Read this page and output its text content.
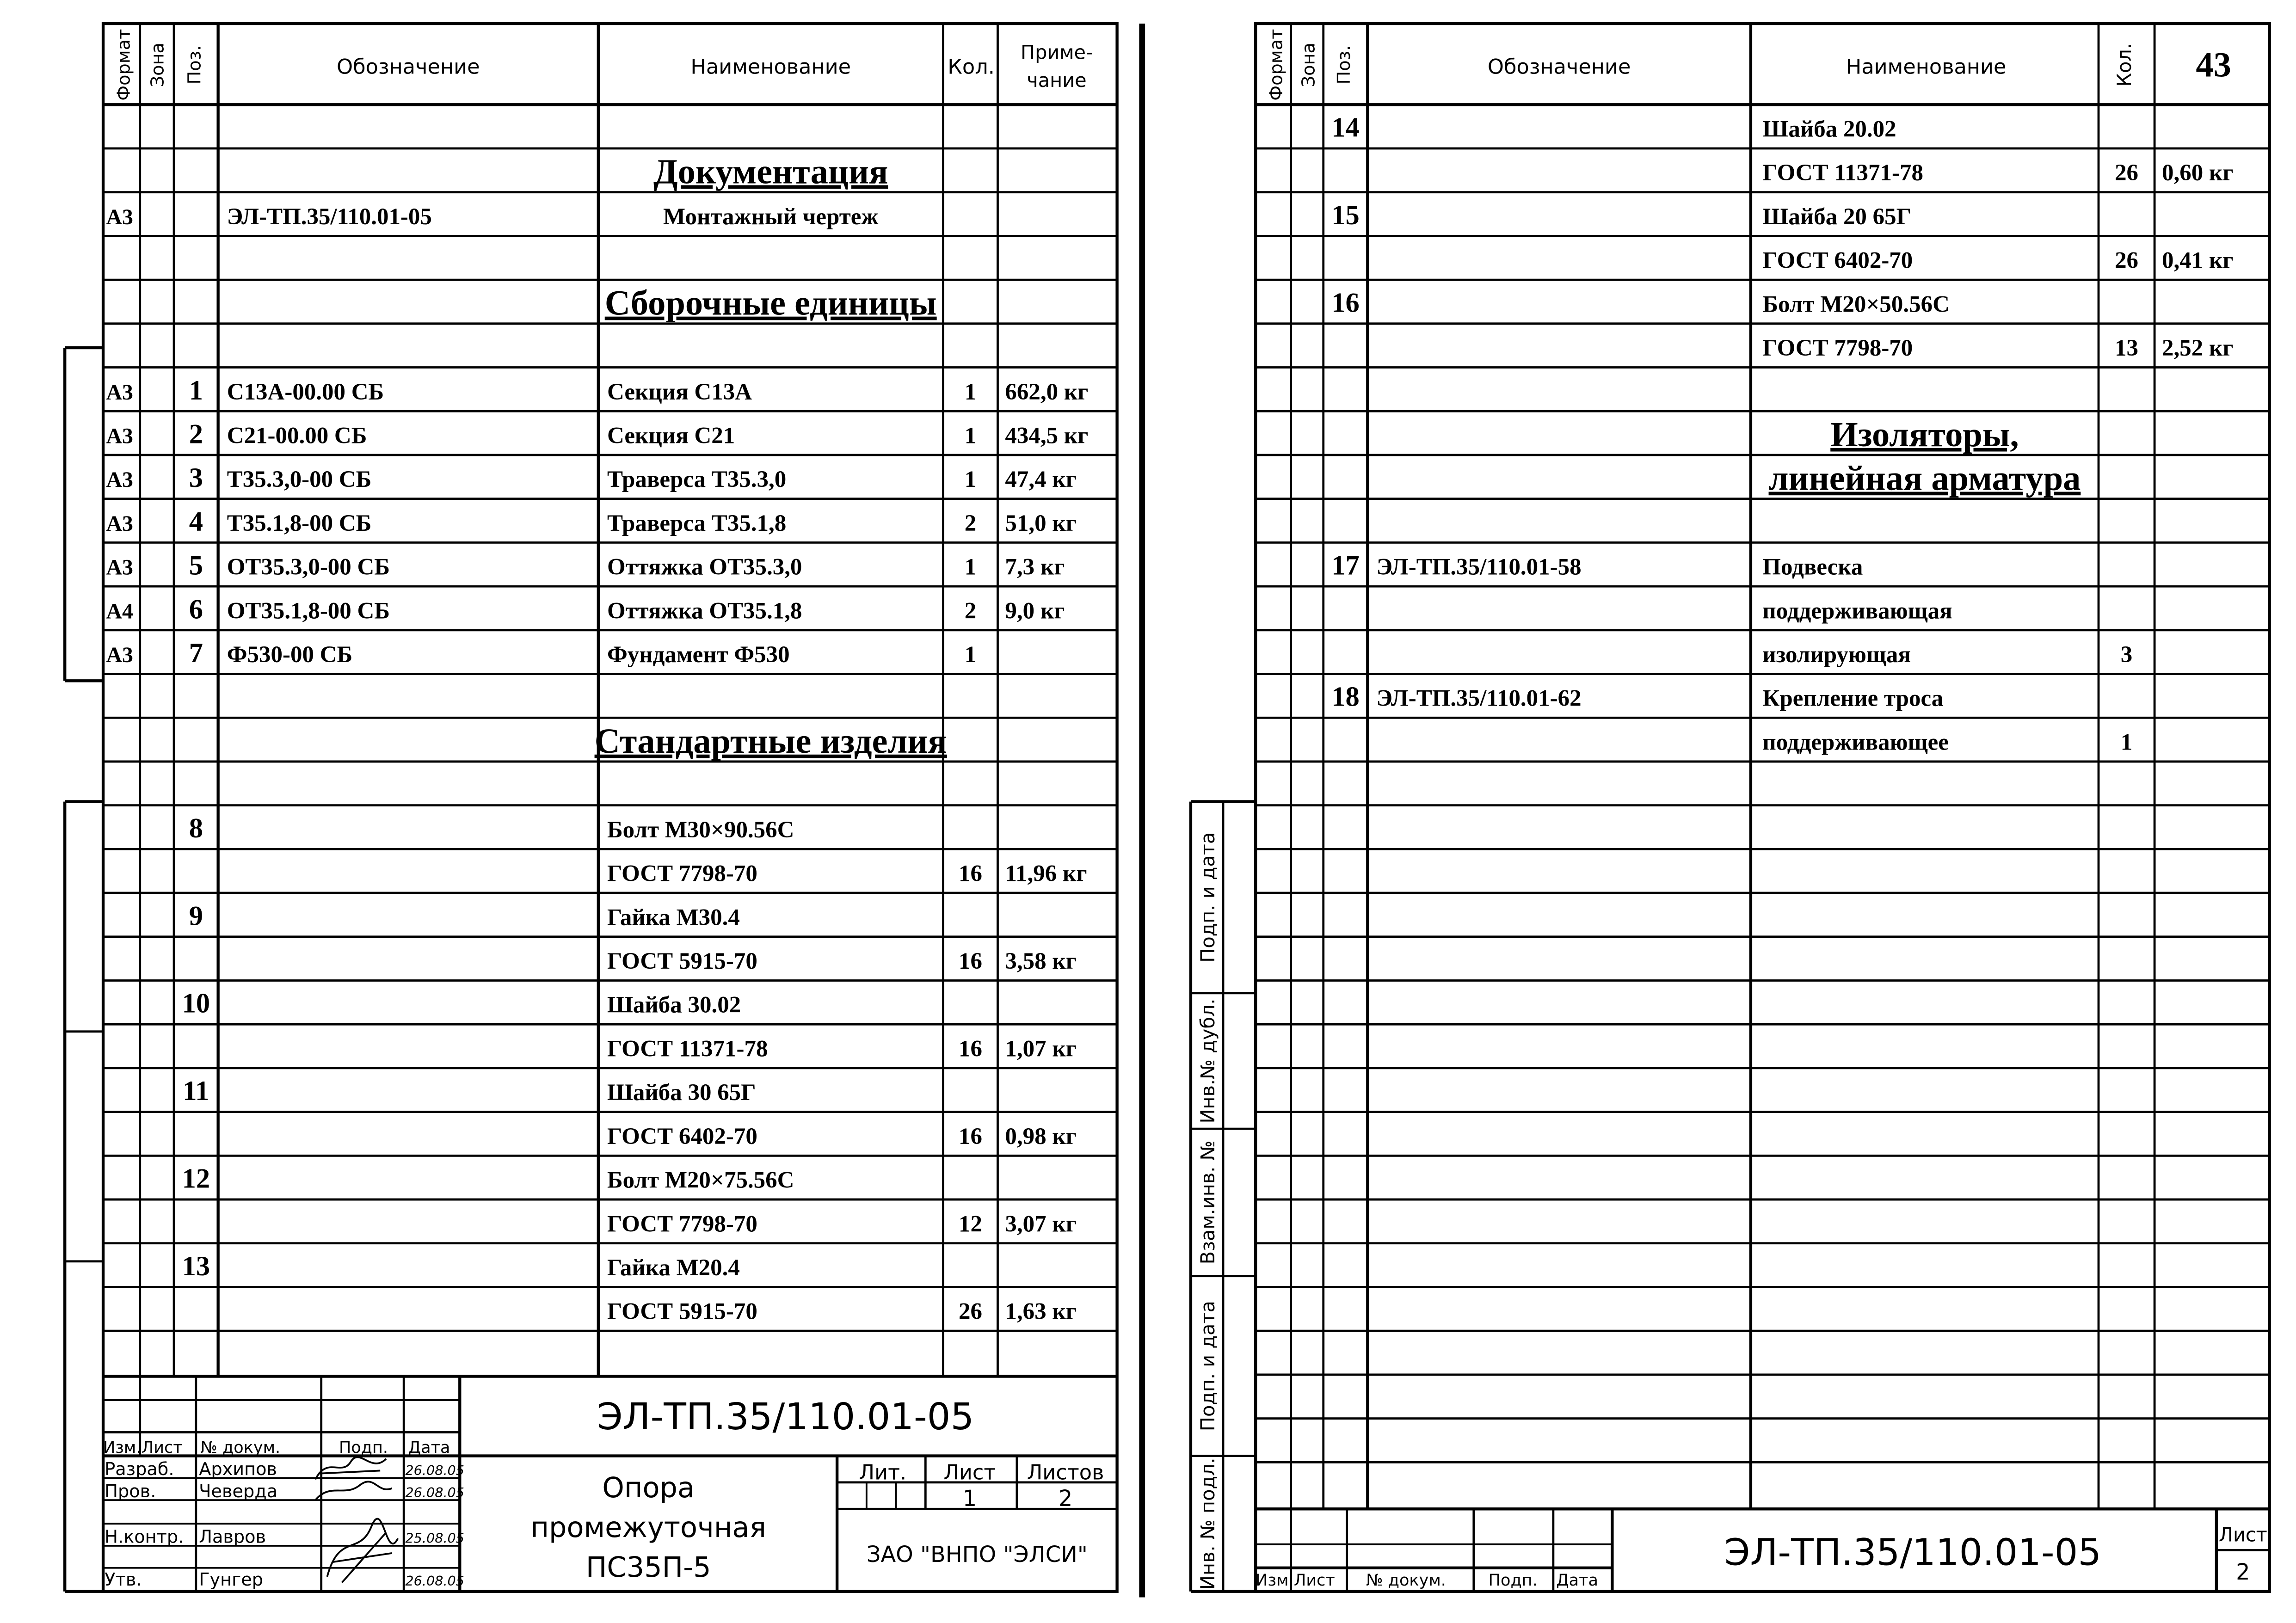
Формат Зона	Поз.	Обозначение	Наименование	Кол.
Приме-
чание
Документация
А3	ЭЛ-ТП.35/110.01-05	Монтажный чертеж
Сборочные единицы
А3	1	С13А-00.00 СБ	Секция С13А	1	662,0 кг
А3	2	С21-00.00 СБ	Секция С21	1	434,5 кг
А3	3	Т35.3,0-00 СБ	Траверса Т35.3,0	1	47,4 кг
А3	4	Т35.1,8-00 СБ	Траверса Т35.1,8	2	51,0 кг
А3	5	ОТ35.3,0-00 СБ	Оттяжка ОТ35.3,0	1	7,3 кг
А4	6	ОТ35.1,8-00 СБ	Оттяжка ОТ35.1,8	2	9,0 кг
А3	7	Ф530-00 СБ	Фундамент Ф530	1
Стандартные изделия
8	Болт М30×90.56С
ГОСТ 7798-70	16	11,96 кг
9	Гайка М30.4
ГОСТ 5915-70	16	3,58 кг
10	Шайба 30.02
ГОСТ 11371-78	16	1,07 кг
11	Шайба 30 65Г
ГОСТ 6402-70	16	0,98 кг
12	Болт М20×75.56С
ГОСТ 7798-70	12	3,07 кг
13	Гайка М20.4
ГОСТ 5915-70	26	1,63 кг
ЭЛ-ТП.35/110.01-05
Изм. Лист	№ докум.	Подп.	Дата
Разраб.	Архипов	26.08.05
Пров.	Чеверда	26.08.05
Н.контр.	Лавров	25.08.05
Утв.	Гунгер	26.08.05
Опора
промежуточная
ПС35П-5
Лит.	Лист	Листов
1	2
ЗАО "ВНПО "ЭЛСИ"
Подп. и дата
Инв.№ дубл.
Взам.инв. №
Подп. и дата
Инв. № подл.
Формат Зона	Поз.	Обозначение	Наименование	Кол.	43
14	Шайба 20.02
ГОСТ 11371-78	26	0,60 кг
15	Шайба 20 65Г
ГОСТ 6402-70	26	0,41 кг
16	Болт М20×50.56С
ГОСТ 7798-70	13	2,52 кг
Изоляторы,
линейная арматура
17 ЭЛ-ТП.35/110.01-58	Подвеска
поддерживающая
изолирующая	3
18 ЭЛ-ТП.35/110.01-62	Крепление троса
поддерживающее	1
ЭЛ-ТП.35/110.01-05
Изм Лист	№ докум.	Подп.	Дата
Лист
2
